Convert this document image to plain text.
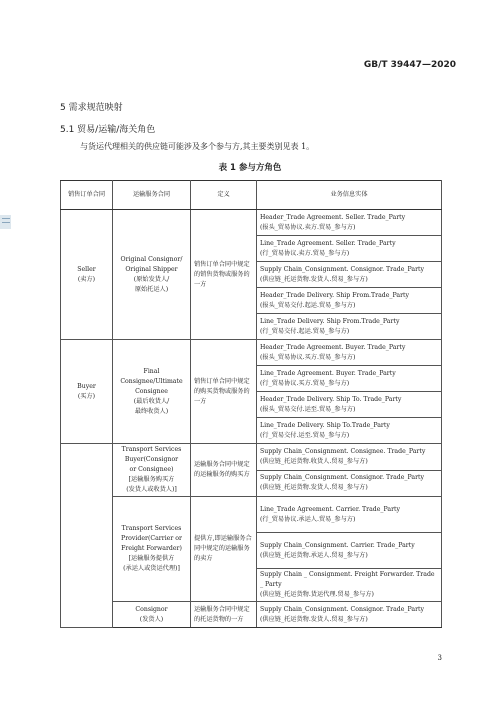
GB/T 39447—2020
5 需求规范映射
5.1 贸易/运输/海关角色
与货运代理相关的供应链可能涉及多个参与方,其主要类别见表 1。
表 1 参与方角色
销售订单合同	运输服务合同	定义	业务信息实体

Seller
(卖方)	Original Consignor/
Original Shipper
(原始发货人/
原始托运人)	销售订单合同中规定的销售货物或服务的一方	Header_Trade Agreement. Seller. Trade_Party
(报头_贸易协议.卖方.贸易_参与方)

			Line_Trade Agreement. Seller. Trade_Party
(行_贸易协议.卖方.贸易_参与方)

			Supply Chain_Consignment. Consignor. Trade_Party
(供应链_托运货物.发货人.贸易_参与方)

			Header_Trade Delivery. Ship From.Trade_Party
(报头_贸易交付.起运.贸易_参与方)

			Line_Trade Delivery. Ship From.Trade_Party
(行_贸易交付.起运.贸易_参与方)

Buyer
(买方)	Final
Consignee/Ultimate
Consignee
(最后收货人/
最终收货人)	销售订单合同中规定的购买货物或服务的一方	Header_Trade Agreement. Buyer. Trade_Party
(报头_贸易协议.买方.贸易_参与方)

			Line_Trade Agreement. Buyer. Trade_Party
(行_贸易协议.买方.贸易_参与方)

			Header_Trade Delivery. Ship To. Trade_Party
(报头_贸易交付.运至.贸易_参与方)

			Line_Trade Delivery. Ship To.Trade_Party
(行_贸易交付.运至.贸易_参与方)

	Transport Services
Buyer(Consignor
or Consignee)
[运输服务购买方
(发货人或收货人)]	运输服务合同中规定的运输服务的购买方	Supply Chain_Consignment. Consignee. Trade_Party
(供应链_托运货物.收货人.贸易_参与方)

			Supply Chain_Consignment. Consignor. Trade_Party
(供应链_托运货物.发货人.贸易_参与方)

	Transport Services
Provider(Carrier or
Freight Forwarder)
[运输服务提供方
(承运人或货运代理)]	提供方,即运输服务合同中规定的运输服务的卖方	Line_Trade Agreement. Carrier. Trade_Party
(行_贸易协议.承运人.贸易_参与方)

			Supply Chain_Consignment. Carrier. Trade_Party
(供应链_托运货物.承运人.贸易_参与方)

			Supply Chain _ Consignment. Freight Forwarder. Trade _ Party
(供应链_托运货物.货运代理.贸易_参与方)

	Consignor
(发货人)	运输服务合同中规定的托运货物的一方	Supply Chain_Consignment. Consignor. Trade_Party
(供应链_托运货物.发货人.贸易_参与方)
3
